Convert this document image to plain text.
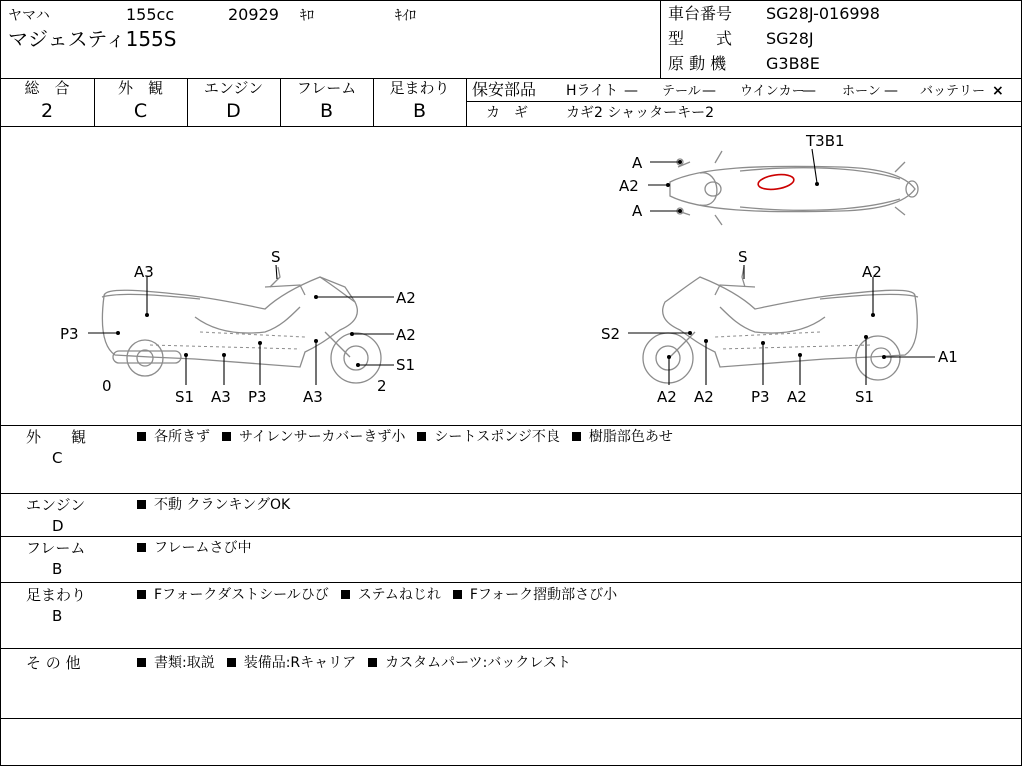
ヤマハ	155cc	20929 ｷﾛ	ｷｲﾛ
マジェスティ155S
車台番号 SG28J-016998
型　　式 SG28J
原 動 機 G3B8E
総　合
2
外　観
C
エンジン
D
フレーム
B
足まわり
B
保安部品 Hライト — テール — ウインカー
— ホーン — バッテリー ×
カ　ギ	カギ2 シャッターキー2
T3B1
A
A2
A
S
A3
A2
A2
P3
S1
0	2
S1 A3 P3 A3
S
A2
S2
A1
A2 A2 P3 A2	S1
外　　観
C
各所きず サイレンサーカバーきず小 シートスポンジ不良 樹脂部色あせ
エンジン
D
不動 クランキングOK
フレーム
B
フレームさび中
足まわり
B
Fフォークダストシールひび ステムねじれ Fフォーク摺動部さび小
そ の 他	書類:取説 装備品:Rキャリア カスタムパーツ:バックレスト
